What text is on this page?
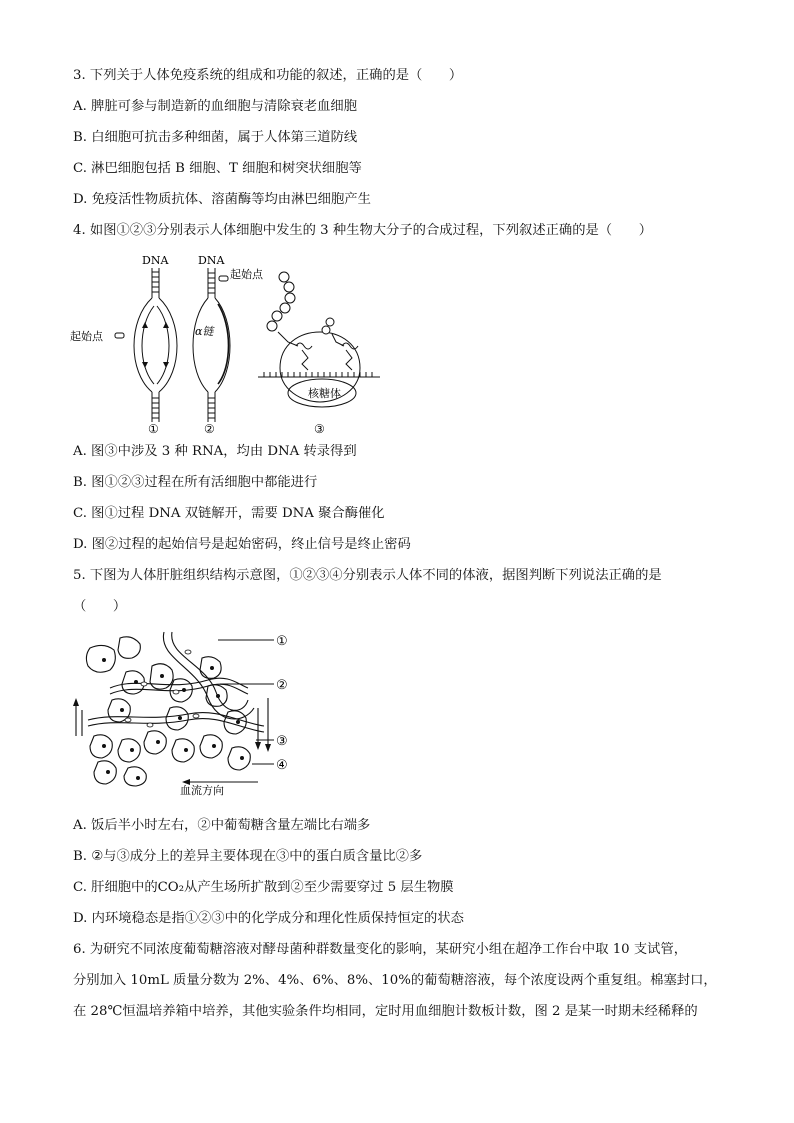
3. 下列关于人体免疫系统的组成和功能的叙述，正确的是（　　）
A. 脾脏可参与制造新的血细胞与清除衰老血细胞
B. 白细胞可抗击多种细菌，属于人体第三道防线
C. 淋巴细胞包括 B 细胞、T 细胞和树突状细胞等
D. 免疫活性物质抗体、溶菌酶等均由淋巴细胞产生
4. 如图①②③分别表示人体细胞中发生的 3 种生物大分子的合成过程，下列叙述正确的是（　　）
DNA
起始点
①
DNA
起始点
α链
②
核糖体
③
A. 图③中涉及 3 种 RNA，均由 DNA 转录得到
B. 图①②③过程在所有活细胞中都能进行
C. 图①过程 DNA 双链解开，需要 DNA 聚合酶催化
D. 图②过程的起始信号是起始密码，终止信号是终止密码
5. 下图为人体肝脏组织结构示意图，①②③④分别表示人体不同的体液，据图判断下列说法正确的是
（　　）
①
②
③
④
血流方向
A. 饭后半小时左右，②中葡萄糖含量左端比右端多
B. ②与③成分上的差异主要体现在③中的蛋白质含量比②多
C. 肝细胞中的CO₂从产生场所扩散到②至少需要穿过 5 层生物膜
D. 内环境稳态是指①②③中的化学成分和理化性质保持恒定的状态
6. 为研究不同浓度葡萄糖溶液对酵母菌种群数量变化的影响，某研究小组在超净工作台中取 10 支试管，
分别加入 10mL 质量分数为 2%、4%、6%、8%、10%的葡萄糖溶液，每个浓度设两个重复组。棉塞封口，
在 28℃恒温培养箱中培养，其他实验条件均相同，定时用血细胞计数板计数，图 2 是某一时期未经稀释的
